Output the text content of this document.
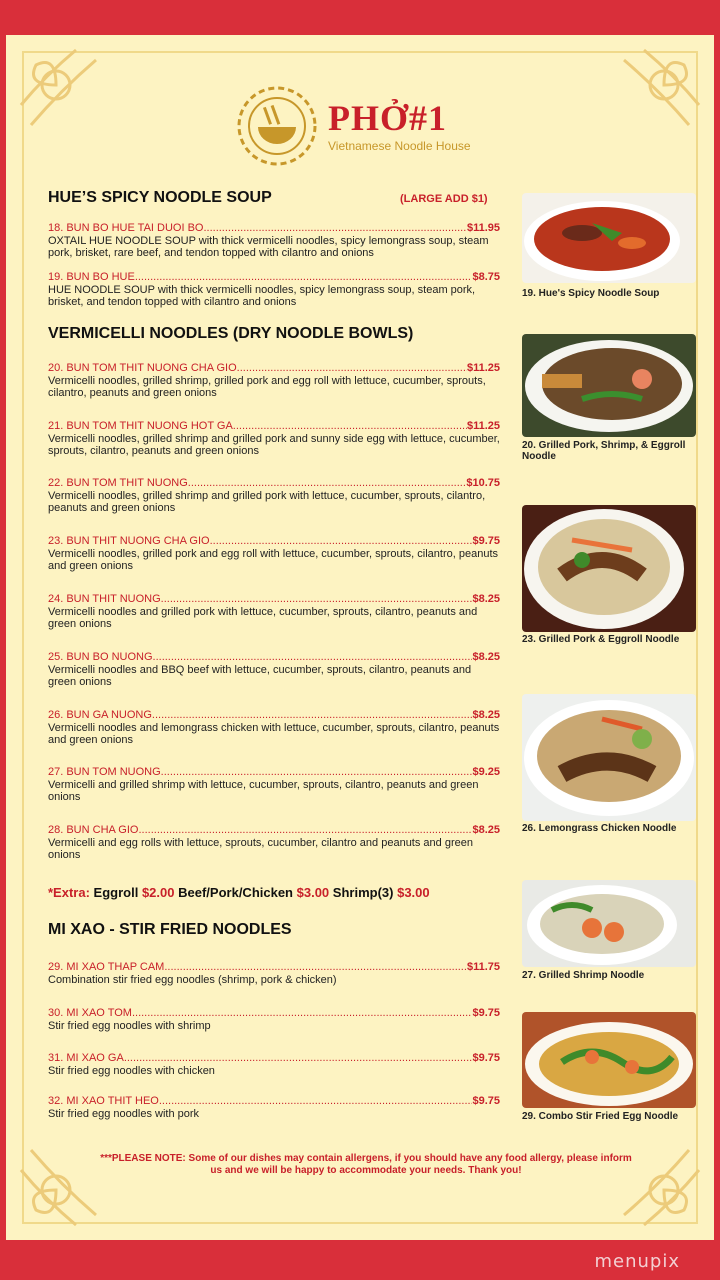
PHỞ#1
Vietnamese Noodle House
HUE’S SPICY NOODLE SOUP	(LARGE ADD $1)
18. BUN BO HUE TAI DUOI BO .....	$11.95
OXTAIL HUE NOODLE SOUP with thick vermicelli noodles, spicy lemongrass soup, steam pork, brisket, rare beef, and tendon topped with cilantro and onions
19. BUN BO HUE .....	$8.75
HUE NOODLE SOUP with thick vermicelli noodles, spicy lemongrass soup, steam pork, brisket, and tendon topped with cilantro and onions
VERMICELLI NOODLES (DRY NOODLE BOWLS)
20. BUN TOM THIT NUONG CHA GIO .....	$11.25
Vermicelli noodles, grilled shrimp, grilled pork and egg roll with lettuce, cucumber, sprouts, cilantro, peanuts and green onions
21. BUN TOM THIT NUONG HOT GA .....	$11.25
Vermicelli noodles, grilled shrimp and grilled pork and sunny side egg with lettuce, cucumber, sprouts, cilantro, peanuts and green onions
22. BUN TOM THIT NUONG .....	$10.75
Vermicelli noodles, grilled shrimp and grilled pork with lettuce, cucumber, sprouts, cilantro, peanuts and green onions
23. BUN THIT NUONG CHA GIO .....	$9.75
Vermicelli noodles, grilled pork and egg roll with lettuce, cucumber, sprouts, cilantro, peanuts and green onions
24. BUN THIT NUONG .....	$8.25
Vermicelli noodles and grilled pork with lettuce, cucumber, sprouts, cilantro, peanuts and green onions
25. BUN BO NUONG .....	$8.25
Vermicelli noodles and BBQ beef with lettuce, cucumber, sprouts, cilantro, peanuts and green onions
26. BUN GA NUONG .....	$8.25
Vermicelli noodles and lemongrass chicken with lettuce, cucumber, sprouts, cilantro, peanuts and green onions
27. BUN TOM NUONG .....	$9.25
Vermicelli and grilled shrimp with lettuce, cucumber, sprouts, cilantro, peanuts and green onions
28. BUN CHA GIO .....	$8.25
Vermicelli and egg rolls with lettuce, sprouts, cucumber, cilantro and peanuts and green onions
*Extra: Eggroll $2.00 Beef/Pork/Chicken $3.00 Shrimp(3) $3.00
MI XAO - STIR FRIED NOODLES
29. MI XAO THAP CAM .....	$11.75
Combination stir fried egg noodles (shrimp, pork & chicken)
30. MI XAO TOM .....	$9.75
Stir fried egg noodles with shrimp
31. MI XAO GA .....	$9.75
Stir fried egg noodles with chicken
32. MI XAO THIT HEO .....	$9.75
Stir fried egg noodles with pork
19. Hue's Spicy Noodle Soup
20. Grilled Pork, Shrimp, & Eggroll Noodle
23. Grilled Pork & Eggroll Noodle
26. Lemongrass Chicken Noodle
27. Grilled Shrimp Noodle
29. Combo Stir Fried Egg Noodle
***PLEASE NOTE: Some of our dishes may contain allergens, if you should have any food allergy, please inform us and we will be happy to accommodate your needs. Thank you!
menupix
